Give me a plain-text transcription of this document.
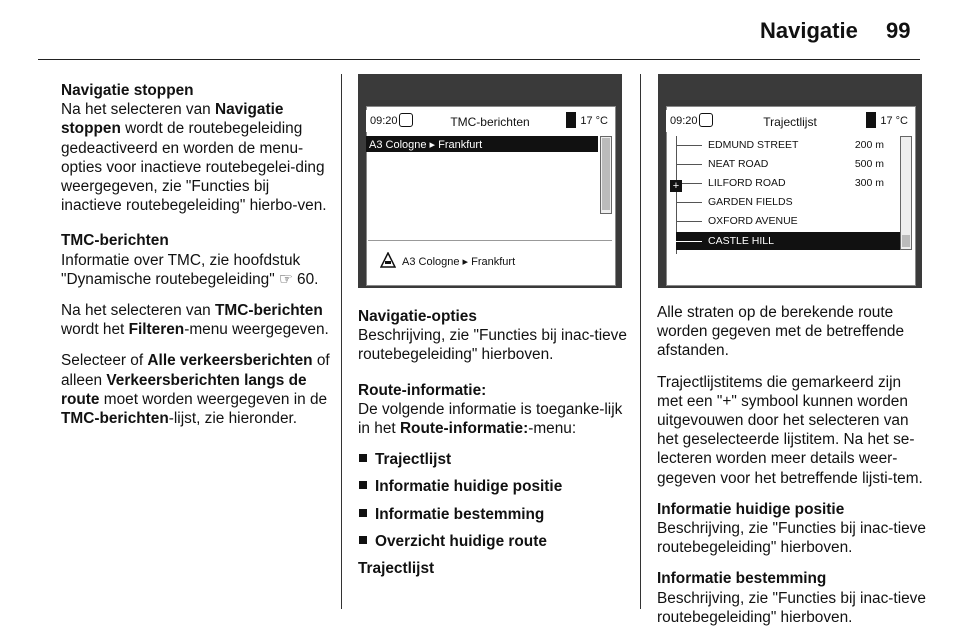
Navigatie 99

Navigatie stoppen

Na het selecteren van Navigatie stoppen wordt de routebegeleiding gedeactiveerd en worden de menu-opties voor inactieve routebegelei-ding weergegeven, zie "Functies bij inactieve routebegeleiding" hierbo-ven.

TMC-berichten

Informatie over TMC, zie hoofdstuk "Dynamische routebegeleiding" ☞ 60.

Na het selecteren van TMC-berichten wordt het Filteren-menu weergegeven.

Selecteer of Alle verkeersberichten of alleen Verkeersberichten langs de route moet worden weergegeven in de TMC-berichten-lijst, zie hieronder.

09:20	TMC-berichten	17 °C
A3 Cologne ▸ Frankfurt
A3 Cologne ▸ Frankfurt

Navigatie-opties

Beschrijving, zie "Functies bij inac-tieve routebegeleiding" hierboven.

Route-informatie:

De volgende informatie is toeganke-lijk in het Route-informatie:-menu:

Trajectlijst
Informatie huidige positie
Informatie bestemming
Overzicht huidige route

Trajectlijst

09:20	Trajectlijst	17 °C
EDMUND STREET	200 m
NEAT ROAD	500 m
LILFORD ROAD	300 m
GARDEN FIELDS
OXFORD AVENUE
CASTLE HILL
+

Alle straten op de berekende route worden gegeven met de betreffende afstanden.

Trajectlijstitems die gemarkeerd zijn met een "+" symbool kunnen worden uitgevouwen door het selecteren van het geselecteerde lijstitem. Na het se-lecteren worden meer details weer-gegeven voor het betreffende lijsti-tem.

Informatie huidige positie

Beschrijving, zie "Functies bij inac-tieve routebegeleiding" hierboven.

Informatie bestemming

Beschrijving, zie "Functies bij inac-tieve routebegeleiding" hierboven.
